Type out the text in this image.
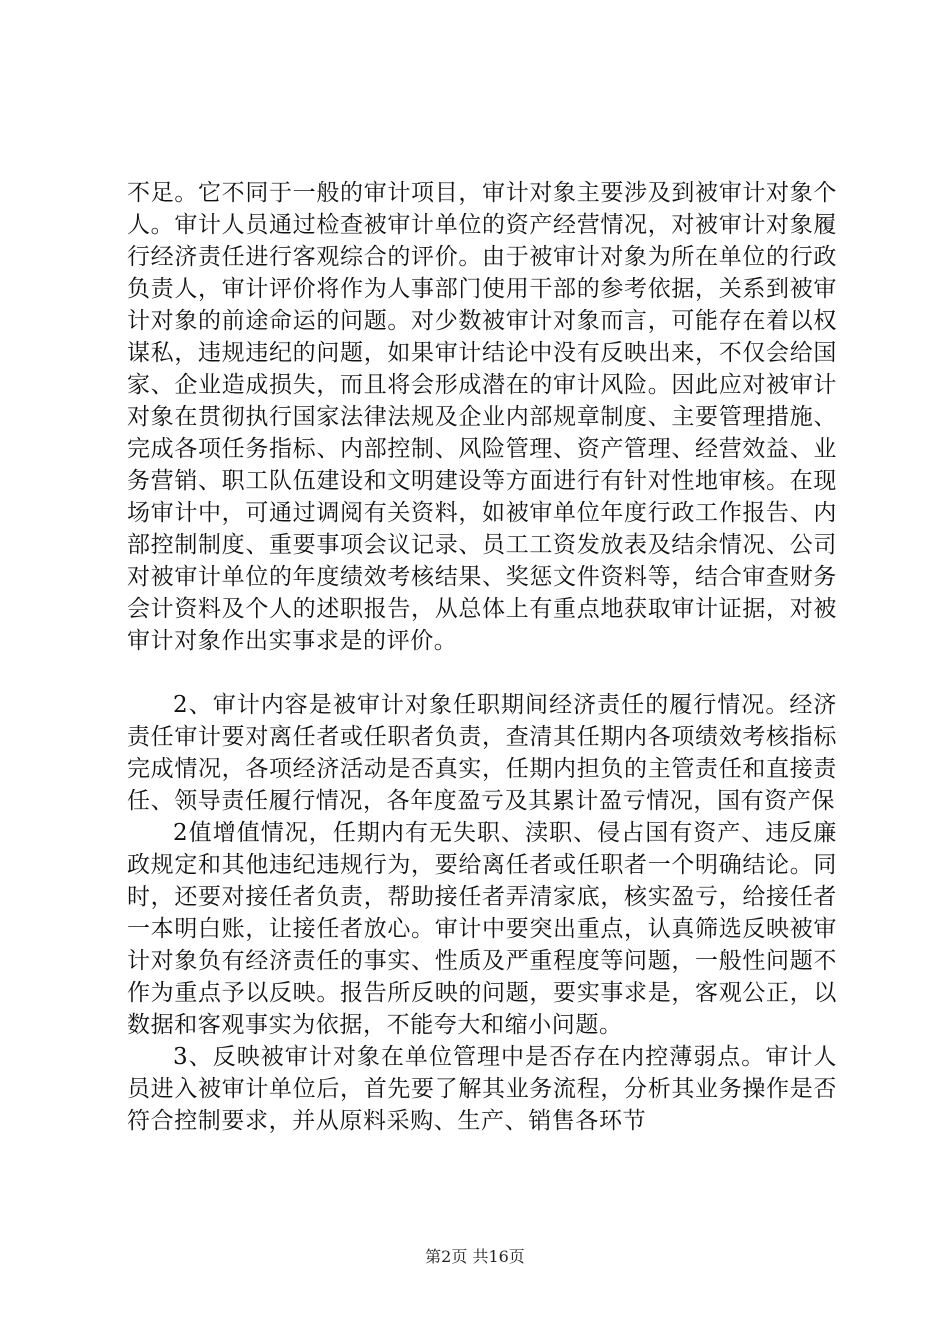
不足。它不同于一般的审计项目，审计对象主要涉及到被审计对象个人。审计人员通过检查被审计单位的资产经营情况，对被审计对象履行经济责任进行客观综合的评价。由于被审计对象为所在单位的行政负责人，审计评价将作为人事部门使用干部的参考依据，关系到被审计对象的前途命运的问题。对少数被审计对象而言，可能存在着以权谋私，违规违纪的问题，如果审计结论中没有反映出来，不仅会给国家、企业造成损失，而且将会形成潜在的审计风险。因此应对被审计对象在贯彻执行国家法律法规及企业内部规章制度、主要管理措施、完成各项任务指标、内部控制、风险管理、资产管理、经营效益、业务营销、职工队伍建设和文明建设等方面进行有针对性地审核。在现场审计中，可通过调阅有关资料，如被审单位年度行政工作报告、内部控制制度、重要事项会议记录、员工工资发放表及结余情况、公司对被审计单位的年度绩效考核结果、奖惩文件资料等，结合审查财务会计资料及个人的述职报告，从总体上有重点地获取审计证据，对被审计对象作出实事求是的评价。

2、审计内容是被审计对象任职期间经济责任的履行情况。经济责任审计要对离任者或任职者负责，查清其任期内各项绩效考核指标完成情况，各项经济活动是否真实，任期内担负的主管责任和直接责任、领导责任履行情况，各年度盈亏及其累计盈亏情况，国有资产保

2值增值情况，任期内有无失职、渎职、侵占国有资产、违反廉政规定和其他违纪违规行为，要给离任者或任职者一个明确结论。同时，还要对接任者负责，帮助接任者弄清家底，核实盈亏，给接任者一本明白账，让接任者放心。审计中要突出重点，认真筛选反映被审计对象负有经济责任的事实、性质及严重程度等问题，一般性问题不作为重点予以反映。报告所反映的问题，要实事求是，客观公正，以数据和客观事实为依据，不能夸大和缩小问题。

3、反映被审计对象在单位管理中是否存在内控薄弱点。审计人员进入被审计单位后，首先要了解其业务流程，分析其业务操作是否符合控制要求，并从原料采购、生产、销售各环节

第2页 共16页
